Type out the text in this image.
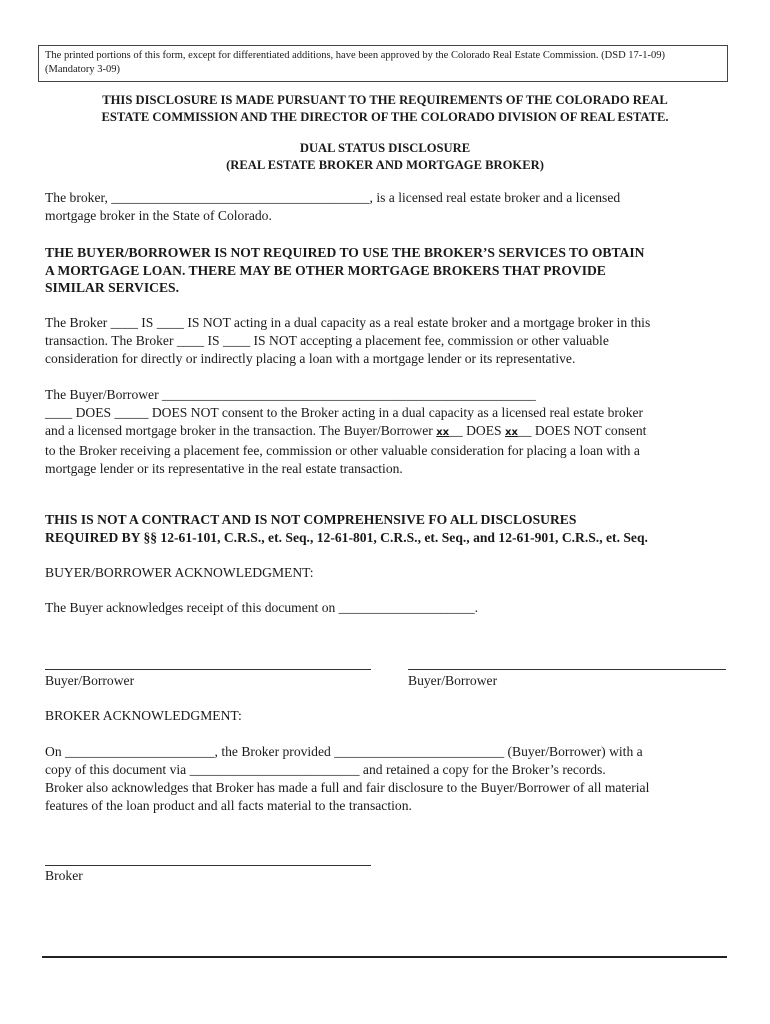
The printed portions of this form, except for differentiated additions, have been approved by the Colorado Real Estate Commission. (DSD 17-1-09)
(Mandatory 3-09)
THIS DISCLOSURE IS MADE PURSUANT TO THE REQUIREMENTS OF THE COLORADO REAL
ESTATE COMMISSION AND THE DIRECTOR OF THE COLORADO DIVISION OF REAL ESTATE.
DUAL STATUS DISCLOSURE
(REAL ESTATE BROKER AND MORTGAGE BROKER)
The broker, ______________________________________, is a licensed real estate broker and a licensed
mortgage broker in the State of Colorado.
THE BUYER/BORROWER IS NOT REQUIRED TO USE THE BROKER’S SERVICES TO OBTAIN
A MORTGAGE LOAN. THERE MAY BE OTHER MORTGAGE BROKERS THAT PROVIDE
SIMILAR SERVICES.
The Broker ____ IS ____ IS NOT acting in a dual capacity as a real estate broker and a mortgage broker in this
transaction. The Broker ____ IS ____ IS NOT accepting a placement fee, commission or other valuable
consideration for directly or indirectly placing a loan with a mortgage lender or its representative.
The Buyer/Borrower _______________________________________________________
____ DOES _____ DOES NOT consent to the Broker acting in a dual capacity as a licensed real estate broker
and a licensed mortgage broker in the transaction. The Buyer/Borrower xx__ DOES xx__ DOES NOT consent
to the Broker receiving a placement fee, commission or other valuable consideration for placing a loan with a
mortgage lender or its representative in the real estate transaction.
THIS IS NOT A CONTRACT AND IS NOT COMPREHENSIVE FO ALL DISCLOSURES
REQUIRED BY §§ 12-61-101, C.R.S., et. Seq., 12-61-801, C.R.S., et. Seq., and 12-61-901, C.R.S., et. Seq.
BUYER/BORROWER ACKNOWLEDGMENT:
The Buyer acknowledges receipt of this document on ____________________.
Buyer/Borrower	Buyer/Borrower
BROKER ACKNOWLEDGMENT:
On ______________________, the Broker provided _________________________ (Buyer/Borrower) with a
copy of this document via _________________________ and retained a copy for the Broker’s records.
Broker also acknowledges that Broker has made a full and fair disclosure to the Buyer/Borrower of all material
features of the loan product and all facts material to the transaction.
Broker
